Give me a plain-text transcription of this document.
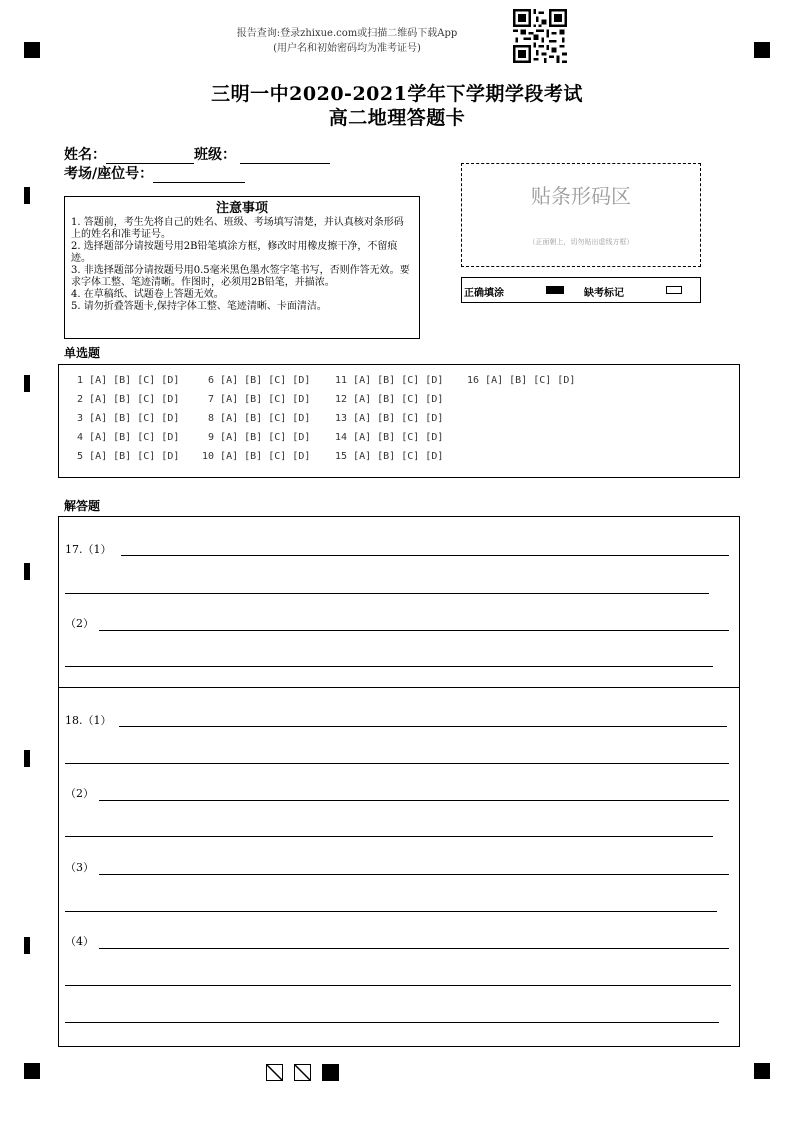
报告查询:登录zhixue.com或扫描二维码下载App
(用户名和初始密码均为准考证号)
三明一中2020-2021学年下学期学段考试
高二地理答题卡
姓名：	班级：
考场/座位号：
注意事项
1. 答题前，考生先将自己的姓名、班级、考场填写清楚，并认真核对条形码上的姓名和准考证号。
2. 选择题部分请按题号用2B铅笔填涂方框，修改时用橡皮擦干净，不留痕迹。
3. 非选择题部分请按题号用0.5毫米黑色墨水签字笔书写，否则作答无效。要求字体工整、笔迹清晰。作图时，必须用2B铅笔，并描浓。
4. 在草稿纸、试题卷上答题无效。
5. 请勿折叠答题卡,保持字体工整、笔迹清晰、卡面清洁。
贴条形码区
（正面朝上，切勿贴出虚线方框）
正确填涂	缺考标记
单选题
1 [A] [B] [C] [D]
2 [A] [B] [C] [D]
3 [A] [B] [C] [D]
4 [A] [B] [C] [D]
5 [A] [B] [C] [D]
6 [A] [B] [C] [D]
7 [A] [B] [C] [D]
8 [A] [B] [C] [D]
9 [A] [B] [C] [D]
10 [A] [B] [C] [D]
11 [A] [B] [C] [D]
12 [A] [B] [C] [D]
13 [A] [B] [C] [D]
14 [A] [B] [C] [D]
15 [A] [B] [C] [D]
16 [A] [B] [C] [D]
解答题
17.（1）
（2）
18.（1）
（2）
（3）
（4）
